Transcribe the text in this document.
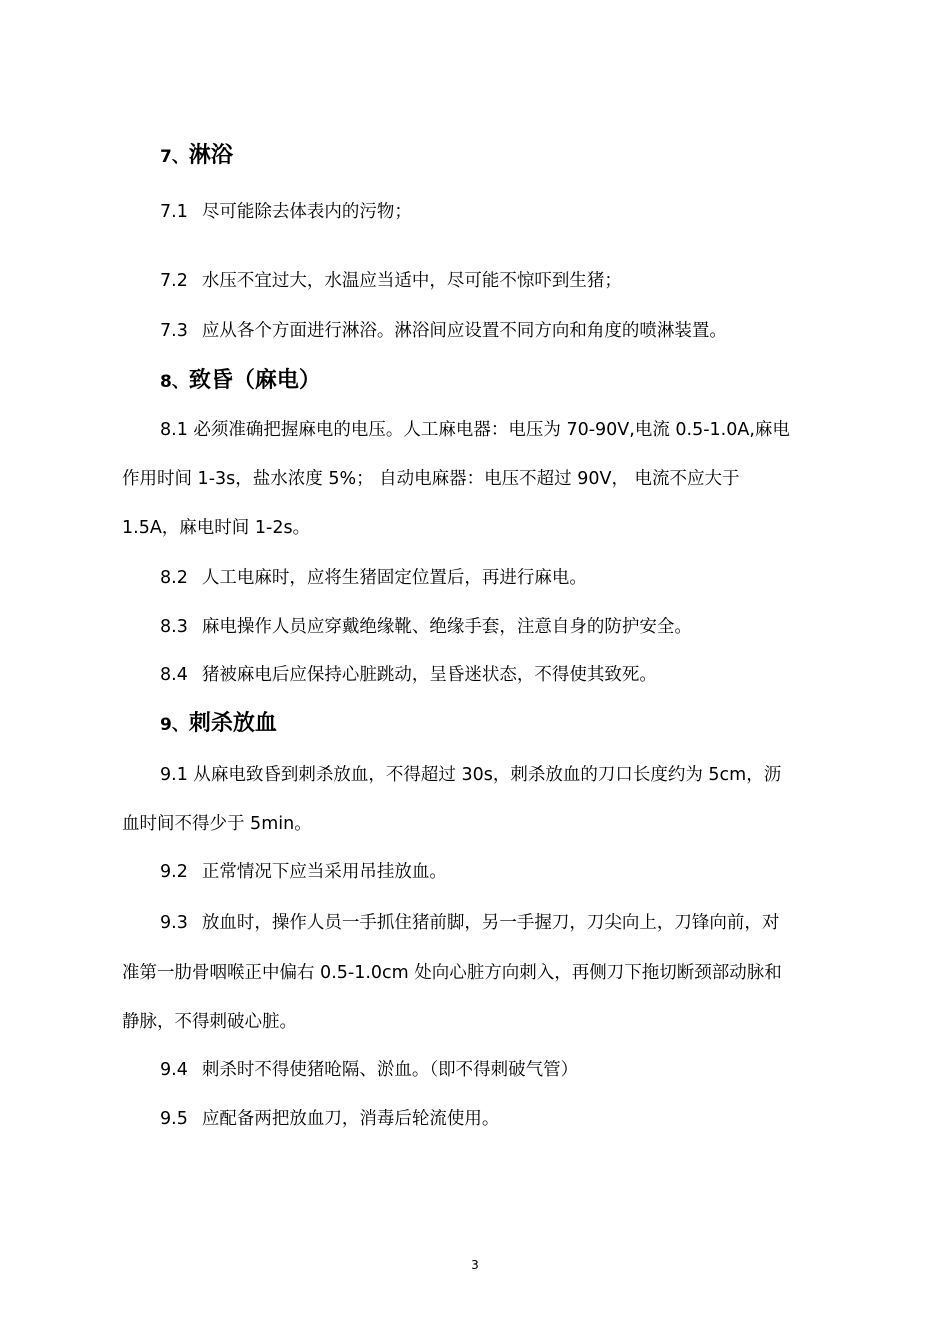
7、淋浴
7.1 尽可能除去体表内的污物；
7.2 水压不宜过大，水温应当适中，尽可能不惊吓到生猪；
7.3 应从各个方面进行淋浴。淋浴间应设置不同方向和角度的喷淋装置。
8、致昏（麻电）
8.1 必须准确把握麻电的电压。人工麻电器：电压为 70-90V,电流 0.5-1.0A,麻电
作用时间 1-3s，盐水浓度 5%； 自动电麻器：电压不超过 90V， 电流不应大于
1.5A，麻电时间 1-2s。
8.2 人工电麻时，应将生猪固定位置后，再进行麻电。
8.3 麻电操作人员应穿戴绝缘靴、绝缘手套，注意自身的防护安全。
8.4 猪被麻电后应保持心脏跳动，呈昏迷状态，不得使其致死。
9、刺杀放血
9.1 从麻电致昏到刺杀放血，不得超过 30s，刺杀放血的刀口长度约为 5cm，沥
血时间不得少于 5min。
9.2 正常情况下应当采用吊挂放血。
9.3 放血时，操作人员一手抓住猪前脚，另一手握刀，刀尖向上，刀锋向前，对
准第一肋骨咽喉正中偏右 0.5-1.0cm 处向心脏方向刺入，再侧刀下拖切断颈部动脉和
静脉，不得刺破心脏。
9.4 刺杀时不得使猪呛隔、淤血。（即不得刺破气管）
9.5 应配备两把放血刀，消毒后轮流使用。
3
